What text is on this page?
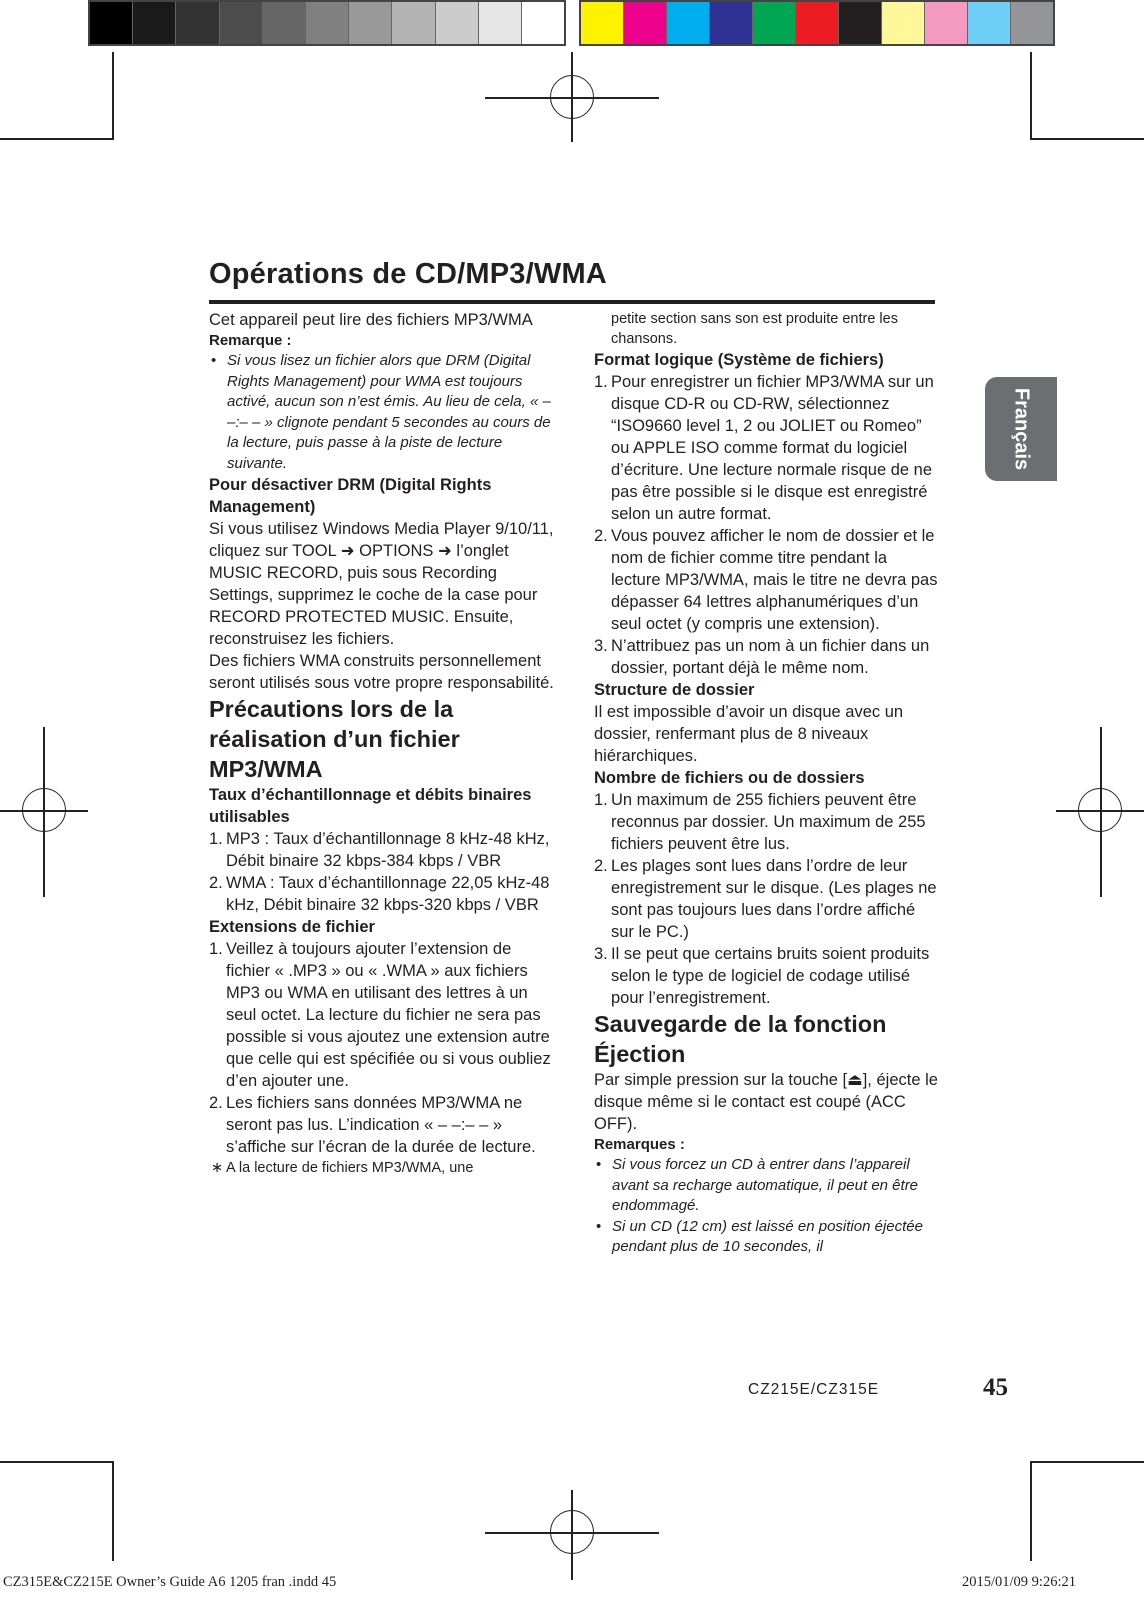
Opérations de CD/MP3/WMA
Français

Cet appareil peut lire des fichiers MP3/WMA

Remarque :

• Si vous lisez un fichier alors que DRM (Digital Rights Management) pour WMA est toujours activé, aucun son n’est émis. Au lieu de cela, « – –:– – » clignote pendant 5 secondes au cours de la lecture, puis passe à la piste de lecture suivante.

Pour désactiver DRM (Digital Rights Management)

Si vous utilisez Windows Media Player 9/10/11, cliquez sur TOOL ➜ OPTIONS ➜ l’onglet MUSIC RECORD, puis sous Recording Settings, supprimez le coche de la case pour RECORD PROTECTED MUSIC. Ensuite, reconstruisez les fichiers.

Des fichiers WMA construits personnellement seront utilisés sous votre propre responsabilité.

Précautions lors de la réalisation d’un fichier MP3/WMA

Taux d’échantillonnage et débits binaires utilisables

1. MP3 : Taux d’échantillonnage 8 kHz-48 kHz, Débit binaire 32 kbps-384 kbps / VBR
2. WMA : Taux d’échantillonnage 22,05 kHz-48 kHz, Débit binaire 32 kbps-320 kbps / VBR

Extensions de fichier

1. Veillez à toujours ajouter l’extension de fichier « .MP3 » ou « .WMA » aux fichiers MP3 ou WMA en utilisant des lettres à un seul octet. La lecture du fichier ne sera pas possible si vous ajoutez une extension autre que celle qui est spécifiée ou si vous oubliez d’en ajouter une.
2. Les fichiers sans données MP3/WMA ne seront pas lus. L’indication « – –:– – » s’affiche sur l’écran de la durée de lecture.

∗ A la lecture de fichiers MP3/WMA, une

petite section sans son est produite entre les chansons.

Format logique (Système de fichiers)

1. Pour enregistrer un fichier MP3/WMA sur un disque CD-R ou CD-RW, sélectionnez “ISO9660 level 1, 2 ou JOLIET ou Romeo” ou APPLE ISO comme format du logiciel d’écriture. Une lecture normale risque de ne pas être possible si le disque est enregistré selon un autre format.
2. Vous pouvez afficher le nom de dossier et le nom de fichier comme titre pendant la lecture MP3/WMA, mais le titre ne devra pas dépasser 64 lettres alphanumériques d’un seul octet (y compris une extension).
3. N’attribuez pas un nom à un fichier dans un dossier, portant déjà le même nom.

Structure de dossier

Il est impossible d’avoir un disque avec un dossier, renfermant plus de 8 niveaux hiérarchiques.

Nombre de fichiers ou de dossiers

1. Un maximum de 255 fichiers peuvent être reconnus par dossier. Un maximum de 255 fichiers peuvent être lus.
2. Les plages sont lues dans l’ordre de leur enregistrement sur le disque. (Les plages ne sont pas toujours lues dans l’ordre affiché sur le PC.)
3. Il se peut que certains bruits soient produits selon le type de logiciel de codage utilisé pour l’enregistrement.

Sauvegarde de la fonction Éjection

Par simple pression sur la touche [⏏], éjecte le disque même si le contact est coupé (ACC OFF).

Remarques :

• Si vous forcez un CD à entrer dans l’appareil avant sa recharge automatique, il peut en être endommagé.
• Si un CD (12 cm) est laissé en position éjectée pendant plus de 10 secondes, il
CZ215E/CZ315E	45
CZ315E&CZ215E Owner’s Guide A6 1205 fran .indd 45	2015/01/09 9:26:21
